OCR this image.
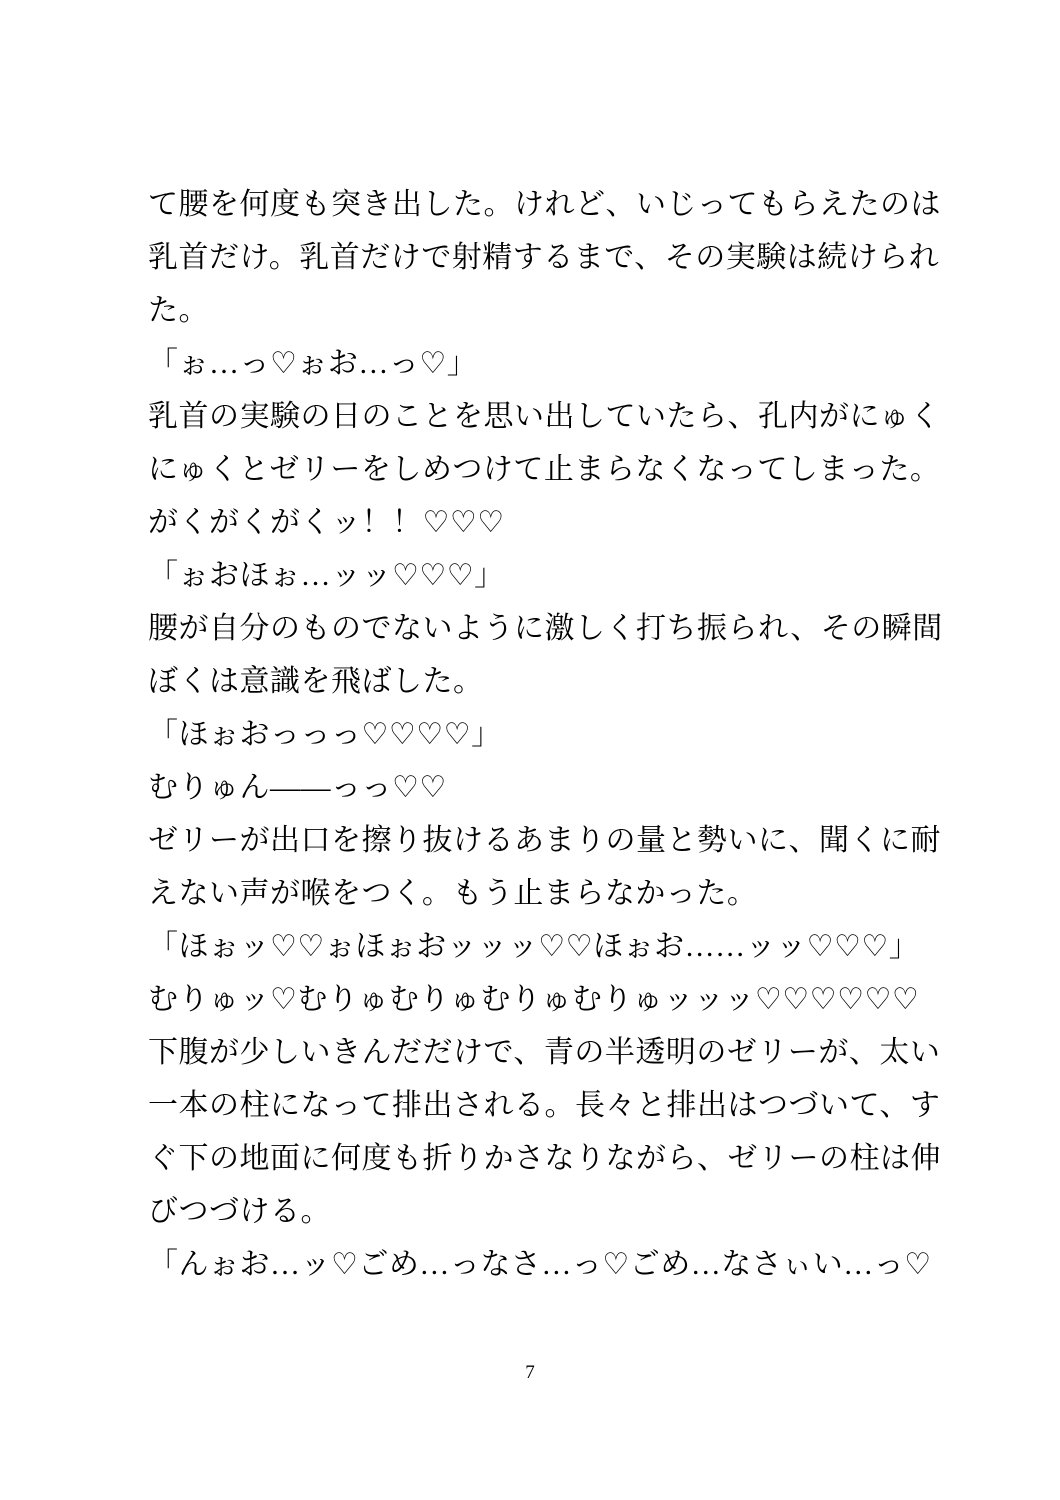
て腰を何度も突き出した。けれど、いじってもらえたのは
乳首だけ。乳首だけで射精するまで、その実験は続けられ
た。
「ぉ…っ♡ぉお…っ♡」
乳首の実験の日のことを思い出していたら、孔内がにゅく
にゅくとゼリーをしめつけて止まらなくなってしまった。
がくがくがくッ！！♡♡♡
「ぉおほぉ…ッッ♡♡♡」
腰が自分のものでないように激しく打ち振られ、その瞬間
ぼくは意識を飛ばした。
「ほぉおっっっ♡♡♡♡」
むりゅん――っっ♡♡
ゼリーが出口を擦り抜けるあまりの量と勢いに、聞くに耐
えない声が喉をつく。もう止まらなかった。
「ほぉッ♡♡ぉほぉおッッッ♡♡ほぉお……ッッ♡♡♡」
むりゅッ♡むりゅむりゅむりゅむりゅッッッ♡♡♡♡♡♡
下腹が少しいきんだだけで、青の半透明のゼリーが、太い
一本の柱になって排出される。長々と排出はつづいて、す
ぐ下の地面に何度も折りかさなりながら、ゼリーの柱は伸
びつづける。
「んぉお…ッ♡ごめ…っなさ…っ♡ごめ…なさぃい…っ♡
7
